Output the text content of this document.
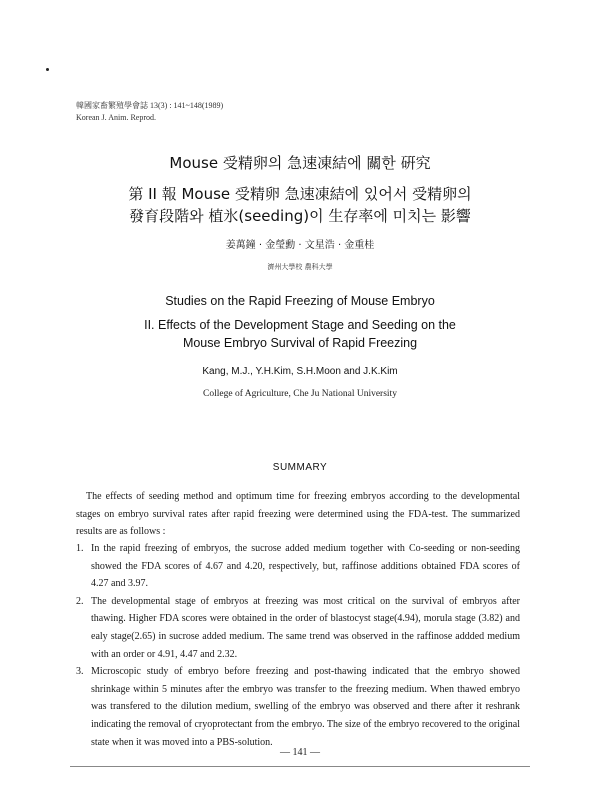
韓國家畜繁殖學會誌 13(3) : 141~148(1989)
Korean J. Anim. Reprod.
Mouse 受精卵의 急速凍結에 關한 硏究
第 II 報 Mouse 受精卵 急速凍結에 있어서 受精卵의
發育段階와 植氷(seeding)이 生存率에 미치는 影響
姜萬鐘 · 金瑩勳 · 文星浩 · 金重桂
濟州大學校 農科大學
Studies on the Rapid Freezing of Mouse Embryo
II. Effects of the Development Stage and Seeding on the
Mouse Embryo Survival of Rapid Freezing
Kang, M.J., Y.H.Kim, S.H.Moon and J.K.Kim
College of Agriculture, Che Ju National University
SUMMARY

The effects of seeding method and optimum time for freezing embryos according to the developmental stages on embryo survival rates after rapid freezing were determined using the FDA-test. The summarized results are as follows :

1. In the rapid freezing of embryos, the sucrose added medium together with Co-seeding or non-seeding showed the FDA scores of 4.67 and 4.20, respectively, but, raffinose additions obtained FDA scores of 4.27 and 3.97.
2. The developmental stage of embryos at freezing was most critical on the survival of embryos after thawing. Higher FDA scores were obtained in the order of blastocyst stage(4.94), morula stage (3.82) and ealy stage(2.65) in sucrose added medium. The same trend was observed in the raffinose addded medium with an order or 4.91, 4.47 and 2.32.
3. Microscopic study of embryo before freezing and post-thawing indicated that the embryo showed shrinkage within 5 minutes after the embryo was transfer to the freezing medium. When thawed embryo was transfered to the dilution medium, swelling of the embryo was observed and there after it reshrank indicating the removal of cryoprotectant from the embryo. The size of the embryo recovered to the original state when it was moved into a PBS-solution.
— 141 —
